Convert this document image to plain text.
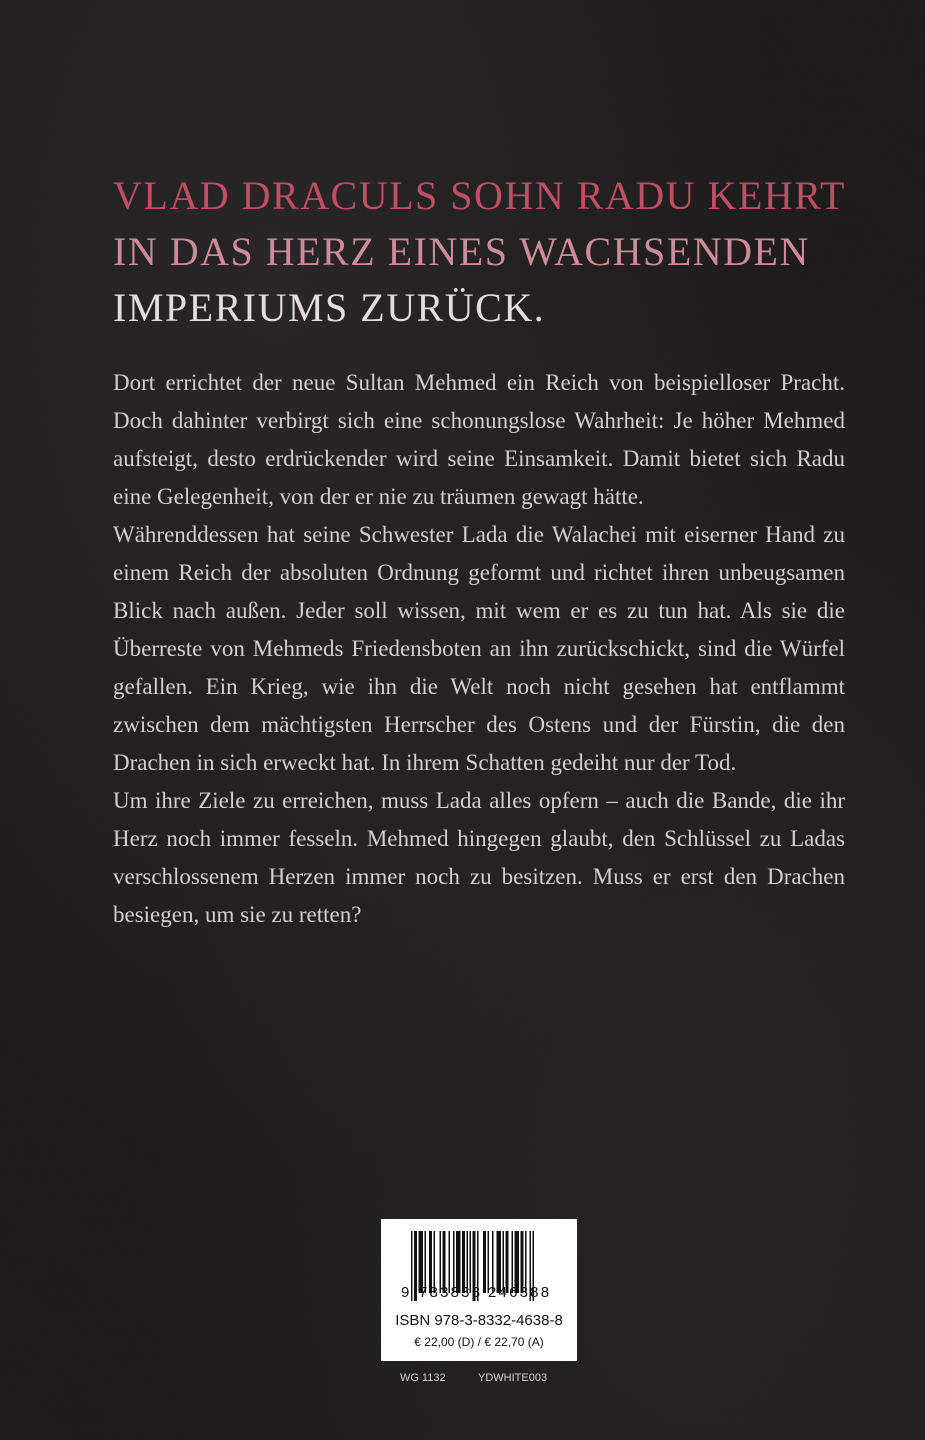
VLAD DRACULS SOHN RADU KEHRT
IN DAS HERZ EINES WACHSENDEN
IMPERIUMS ZURÜCK.

Dort errichtet der neue Sultan Mehmed ein Reich von beispielloser Pracht. Doch dahinter verbirgt sich eine schonungslose Wahrheit: Je höher Mehmed aufsteigt, desto erdrückender wird seine Einsamkeit. Damit bietet sich Radu eine Gelegenheit, von der er nie zu träumen gewagt hätte.

Währenddessen hat seine Schwester Lada die Walachei mit eiserner Hand zu einem Reich der absoluten Ordnung geformt und richtet ihren unbeugsamen Blick nach außen. Jeder soll wissen, mit wem er es zu tun hat. Als sie die Überreste von Mehmeds Friedensboten an ihn zurückschickt, sind die Würfel gefallen. Ein Krieg, wie ihn die Welt noch nicht gesehen hat entflammt zwischen dem mächtigsten Herrscher des Ostens und der Fürstin, die den Drachen in sich erweckt hat. In ihrem Schatten gedeiht nur der Tod.

Um ihre Ziele zu erreichen, muss Lada alles opfern – auch die Bande, die ihr Herz noch immer fesseln. Mehmed hingegen glaubt, den Schlüssel zu Ladas verschlossenem Herzen immer noch zu besitzen. Muss er erst den Drachen besiegen, um sie zu retten?

9 783833 246388
ISBN 978-3-8332-4638-8
€ 22,00 (D) / € 22,70 (A)
WG 1132	YDWHITE003
